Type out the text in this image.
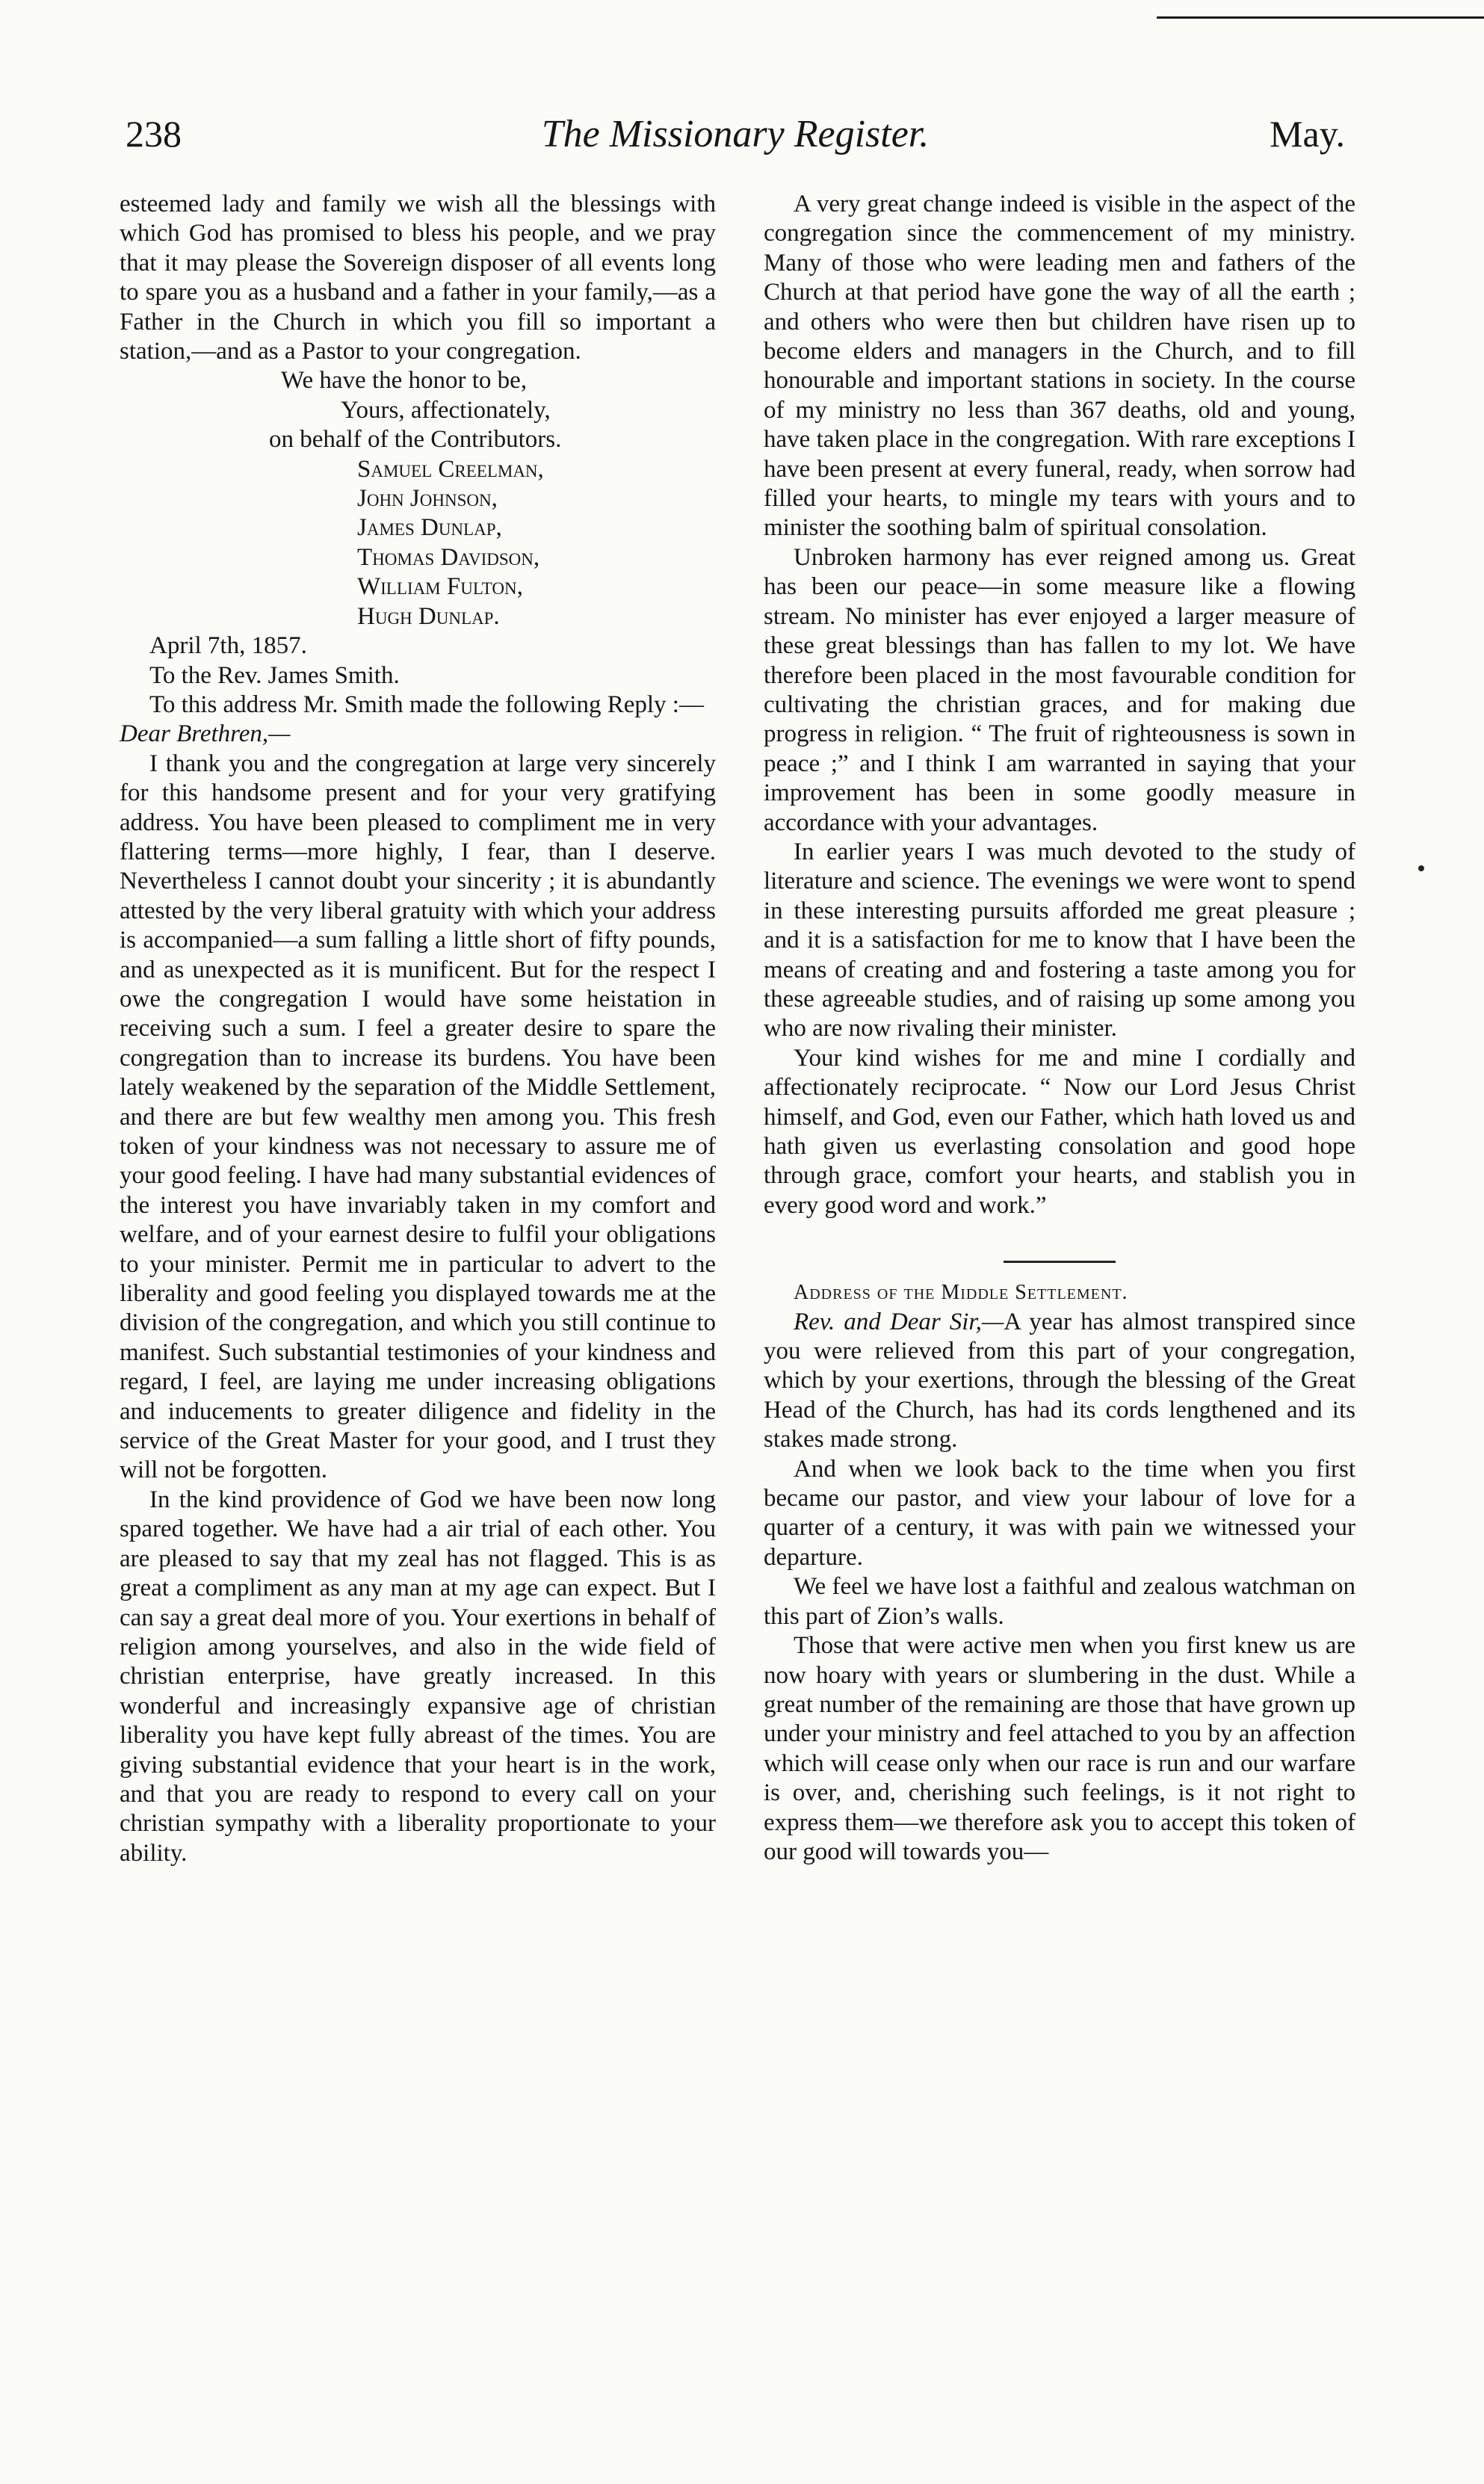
238	The Missionary Register.	May.

esteemed lady and family we wish all the blessings with which God has promised to bless his people, and we pray that it may please the Sovereign disposer of all events long to spare you as a husband and a father in your family,—as a Father in the Church in which you fill so important a station,—and as a Pastor to your congregation.

We have the honor to be,

Yours, affectionately,

on behalf of the Contributors.

Samuel Creelman,

John Johnson,

James Dunlap,

Thomas Davidson,

William Fulton,

Hugh Dunlap.

April 7th, 1857.

To the Rev. James Smith.

To this address Mr. Smith made the following Reply :—

Dear Brethren,—

I thank you and the congregation at large very sincerely for this handsome present and for your very gratifying address. You have been pleased to compliment me in very flattering terms—more highly, I fear, than I deserve. Nevertheless I cannot doubt your sincerity ; it is abundantly attested by the very liberal gratuity with which your address is accompanied—a sum falling a little short of fifty pounds, and as unexpected as it is munificent. But for the respect I owe the congregation I would have some heistation in receiving such a sum. I feel a greater desire to spare the congregation than to increase its burdens. You have been lately weakened by the separation of the Middle Settlement, and there are but few wealthy men among you. This fresh token of your kindness was not necessary to assure me of your good feeling. I have had many substantial evidences of the interest you have invariably taken in my comfort and welfare, and of your earnest desire to fulfil your obligations to your minister. Permit me in particular to advert to the liberality and good feeling you displayed towards me at the division of the congregation, and which you still continue to manifest. Such substantial testimonies of your kindness and regard, I feel, are laying me under increasing obligations and inducements to greater diligence and fidelity in the service of the Great Master for your good, and I trust they will not be forgotten.

In the kind providence of God we have been now long spared together. We have had a air trial of each other. You are pleased to say that my zeal has not flagged. This is as great a compliment as any man at my age can expect. But I can say a great deal more of you. Your exertions in behalf of religion among yourselves, and also in the wide field of christian enterprise, have greatly increased. In this wonderful and increasingly expansive age of christian liberality you have kept fully abreast of the times. You are giving substantial evidence that your heart is in the work, and that you are ready to respond to every call on your christian sympathy with a liberality proportionate to your ability.

A very great change indeed is visible in the aspect of the congregation since the commencement of my ministry. Many of those who were leading men and fathers of the Church at that period have gone the way of all the earth ; and others who were then but children have risen up to become elders and managers in the Church, and to fill honourable and important stations in society. In the course of my ministry no less than 367 deaths, old and young, have taken place in the congregation. With rare exceptions I have been present at every funeral, ready, when sorrow had filled your hearts, to mingle my tears with yours and to minister the soothing balm of spiritual consolation.

Unbroken harmony has ever reigned among us. Great has been our peace—in some measure like a flowing stream. No minister has ever enjoyed a larger measure of these great blessings than has fallen to my lot. We have therefore been placed in the most favourable condition for cultivating the christian graces, and for making due progress in religion. “ The fruit of righteousness is sown in peace ;” and I think I am warranted in saying that your improvement has been in some goodly measure in accordance with your advantages.

In earlier years I was much devoted to the study of literature and science. The evenings we were wont to spend in these interesting pursuits afforded me great pleasure ; and it is a satisfaction for me to know that I have been the means of creating and and fostering a taste among you for these agreeable studies, and of raising up some among you who are now rivaling their minister.

Your kind wishes for me and mine I cordially and affectionately reciprocate. “ Now our Lord Jesus Christ himself, and God, even our Father, which hath loved us and hath given us everlasting consolation and good hope through grace, comfort your hearts, and stablish you in every good word and work.”

Address of the Middle Settlement.

Rev. and Dear Sir,—A year has almost transpired since you were relieved from this part of your congregation, which by your exertions, through the blessing of the Great Head of the Church, has had its cords lengthened and its stakes made strong.

And when we look back to the time when you first became our pastor, and view your labour of love for a quarter of a century, it was with pain we witnessed your departure.

We feel we have lost a faithful and zealous watchman on this part of Zion’s walls.

Those that were active men when you first knew us are now hoary with years or slumbering in the dust. While a great number of the remaining are those that have grown up under your ministry and feel attached to you by an affection which will cease only when our race is run and our warfare is over, and, cherishing such feelings, is it not right to express them—we therefore ask you to accept this token of our good will towards you—
